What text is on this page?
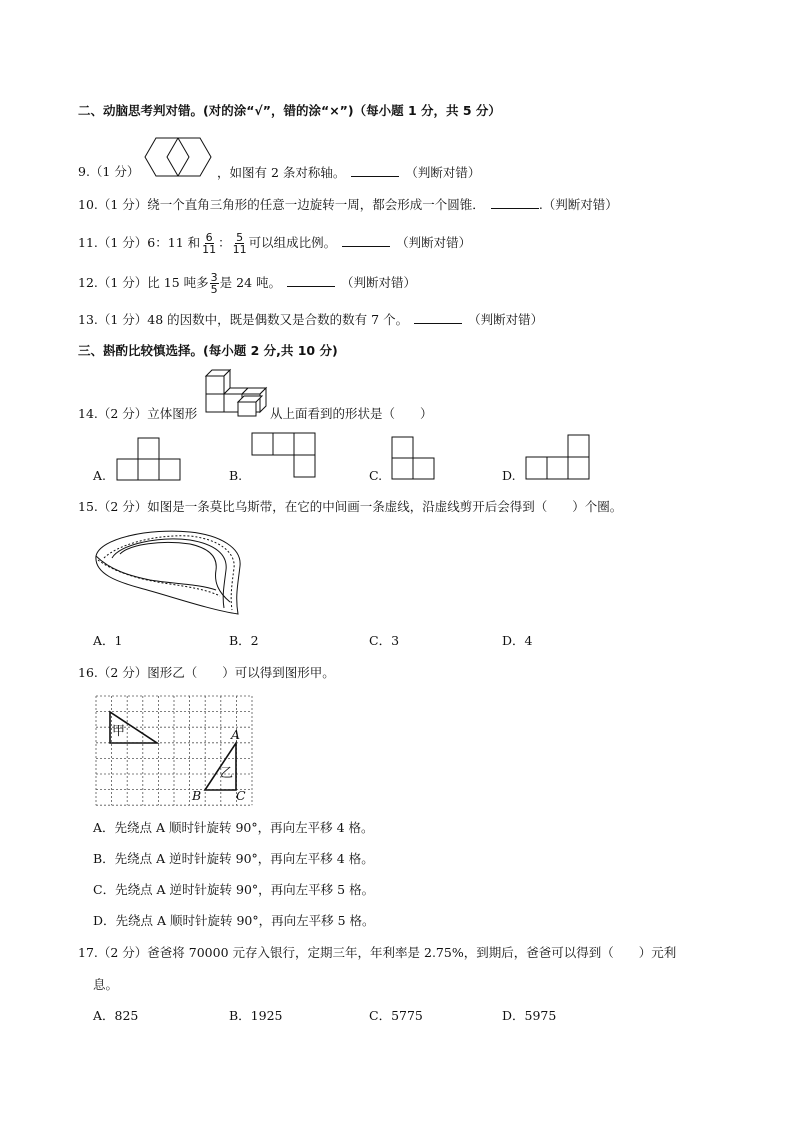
二、动脑思考判对错。(对的涂“√”，错的涂“×”)（每小题 1 分，共 5 分）
9.（1 分）	，如图有 2 条对称轴。	（判断对错）
10.（1 分）绕一个直角三角形的任意一边旋转一周，都会形成一个圆锥．	.（判断对错）
11.（1 分）6：11 和 $\frac{6}{11}$ ： $\frac{5}{11}$ 可以组成比例。	（判断对错）
12.（1 分）比 15 吨多 $\frac{3}{5}$ 是 24 吨。	（判断对错）
13.（1 分）48 的因数中，既是偶数又是合数的数有 7 个。	（判断对错）
三、斟酌比较慎选择。(每小题 2 分,共 10 分)
14.（2 分）立体图形	从上面看到的形状是（　　）
A.	B.	C.	D.
15.（2 分）如图是一条莫比乌斯带，在它的中间画一条虚线，沿虚线剪开后会得到（　　）个圈。
A．1	B．2	C．3	D．4
16.（2 分）图形乙（　　）可以得到图形甲。
甲
乙
A
B	C
A．先绕点 A 顺时针旋转 90°，再向左平移 4 格。
B．先绕点 A 逆时针旋转 90°，再向左平移 4 格。
C．先绕点 A 逆时针旋转 90°，再向左平移 5 格。
D．先绕点 A 顺时针旋转 90°，再向左平移 5 格。
17.（2 分）爸爸将 70000 元存入银行，定期三年，年利率是 2.75%，到期后，爸爸可以得到（　　）元利
息。
A．825	B．1925	C．5775	D．5975
